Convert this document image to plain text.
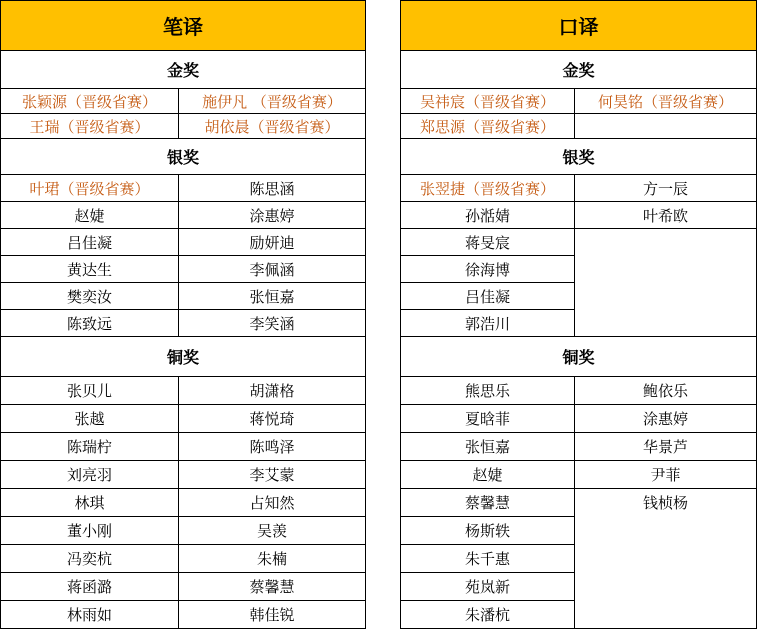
笔译	
金奖	
张颖源（晋级省赛）	施伊凡 （晋级省赛）
王瑞（晋级省赛）	胡依晨（晋级省赛）
银奖	
叶珺（晋级省赛）	陈思涵
赵婕	涂惠婷
吕佳凝	励妍迪
黄达生	李佩涵
樊奕汝	张恒嘉
陈致远	李笑涵
铜奖	
张贝儿	胡潇格
张越	蒋悦琦
陈瑞柠	陈鸣泽
刘亮羽	李艾蒙
林琪	占知然
董小刚	吴羡
冯奕杭	朱楠
蒋函潞	蔡馨慧
林雨如	韩佳锐
口译	
金奖	
吴祎宸（晋级省赛）	何昊铭（晋级省赛）
郑思源（晋级省赛）	
银奖	
张翌捷（晋级省赛）	方一辰
孙湉婧	叶希欧
蒋旻宸	
徐海博	
吕佳凝	
郭浩川	
铜奖	
熊思乐	鲍依乐
夏晗菲	涂惠婷
张恒嘉	华景芦
赵婕	尹菲
蔡馨慧	钱桢杨
杨斯轶	
朱千惠	
苑岚新	
朱潘杭	
